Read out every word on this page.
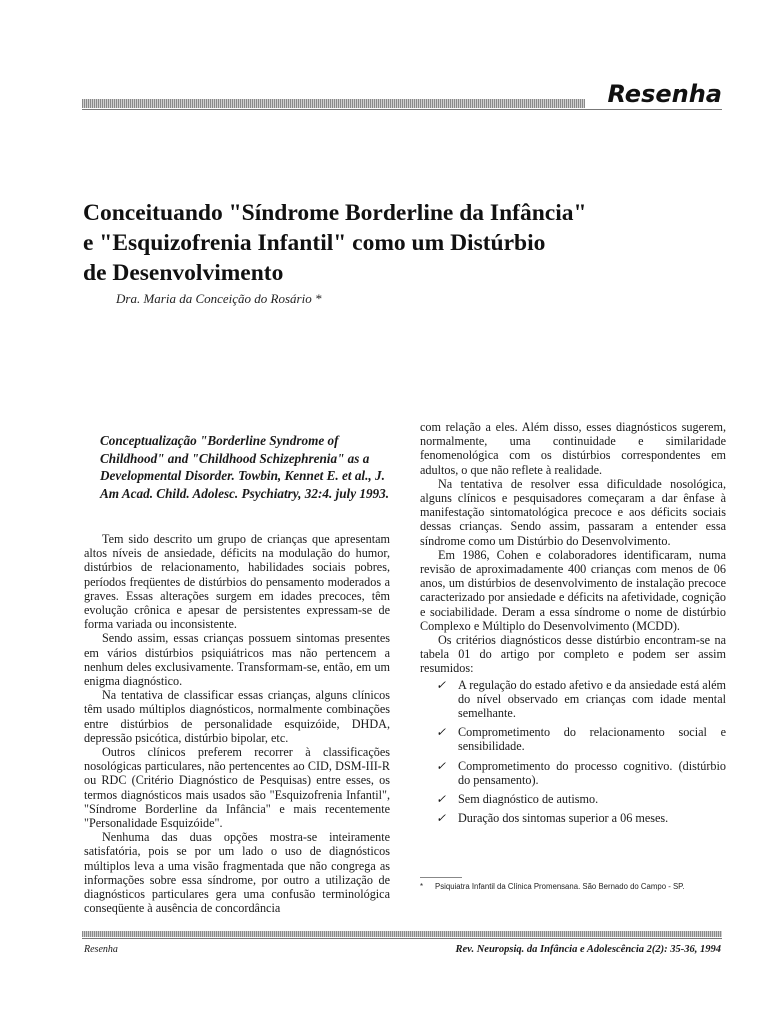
Resenha
Conceituando "Síndrome Borderline da Infância"
e "Esquizofrenia Infantil" como um Distúrbio
de Desenvolvimento
Dra. Maria da Conceição do Rosário *
Conceptualização "Borderline Syndrome of Childhood" and "Childhood Schizephrenia" as a Developmental Disorder. Towbin, Kennet E. et al., J. Am Acad. Child. Adolesc. Psychiatry, 32:4. july 1993.

Tem sido descrito um grupo de crianças que apresentam altos níveis de ansiedade, déficits na modulação do humor, distúrbios de relacionamento, habilidades sociais pobres, períodos freqüentes de distúrbios do pensamento moderados a graves. Essas alterações surgem em idades precoces, têm evolução crônica e apesar de persistentes expressam-se de forma variada ou inconsistente.

Sendo assim, essas crianças possuem sintomas presentes em vários distúrbios psiquiátricos mas não pertencem a nenhum deles exclusivamente. Transformam-se, então, em um enigma diagnóstico.

Na tentativa de classificar essas crianças, alguns clínicos têm usado múltiplos diagnósticos, normalmente combinações entre distúrbios de personalidade esquizóide, DHDA, depressão psicótica, distúrbio bipolar, etc.

Outros clínicos preferem recorrer à classificações nosológicas particulares, não pertencentes ao CID, DSM-III-R ou RDC (Critério Diagnóstico de Pesquisas) entre esses, os termos diagnósticos mais usados são "Esquizofrenia Infantil", "Síndrome Borderline da Infância" e mais recentemente "Personalidade Esquizóide".

Nenhuma das duas opções mostra-se inteiramente satisfatória, pois se por um lado o uso de diagnósticos múltiplos leva a uma visão fragmentada que não congrega as informações sobre essa síndrome, por outro a utilização de diagnósticos particulares gera uma confusão terminológica conseqüente à ausência de concordância

com relação a eles. Além disso, esses diagnósticos sugerem, normalmente, uma continuidade e similaridade fenomenológica com os distúrbios correspondentes em adultos, o que não reflete à realidade.

Na tentativa de resolver essa dificuldade nosológica, alguns clínicos e pesquisadores começaram a dar ênfase à manifestação sintomatológica precoce e aos déficits sociais dessas crianças. Sendo assim, passaram a entender essa síndrome como um Distúrbio do Desenvolvimento.

Em 1986, Cohen e colaboradores identificaram, numa revisão de aproximadamente 400 crianças com menos de 06 anos, um distúrbios de desenvolvimento de instalação precoce caracterizado por ansiedade e déficits na afetividade, cognição e sociabilidade. Deram a essa síndrome o nome de distúrbio Complexo e Múltiplo do Desenvolvimento (MCDD).

Os critérios diagnósticos desse distúrbio encontram-se na tabela 01 do artigo por completo e podem ser assim resumidos:

✓ A regulação do estado afetivo e da ansiedade está além do nível observado em crianças com idade mental semelhante.
✓ Comprometimento do relacionamento social e sensibilidade.
✓ Comprometimento do processo cognitivo. (distúrbio do pensamento).
✓ Sem diagnóstico de autismo.
✓ Duração dos sintomas superior a 06 meses.
* Psiquiatra Infantil da Clínica Promensana. São Bernado do Campo - SP.
Resenha	Rev. Neuropsiq. da Infância e Adolescência 2(2): 35-36, 1994
